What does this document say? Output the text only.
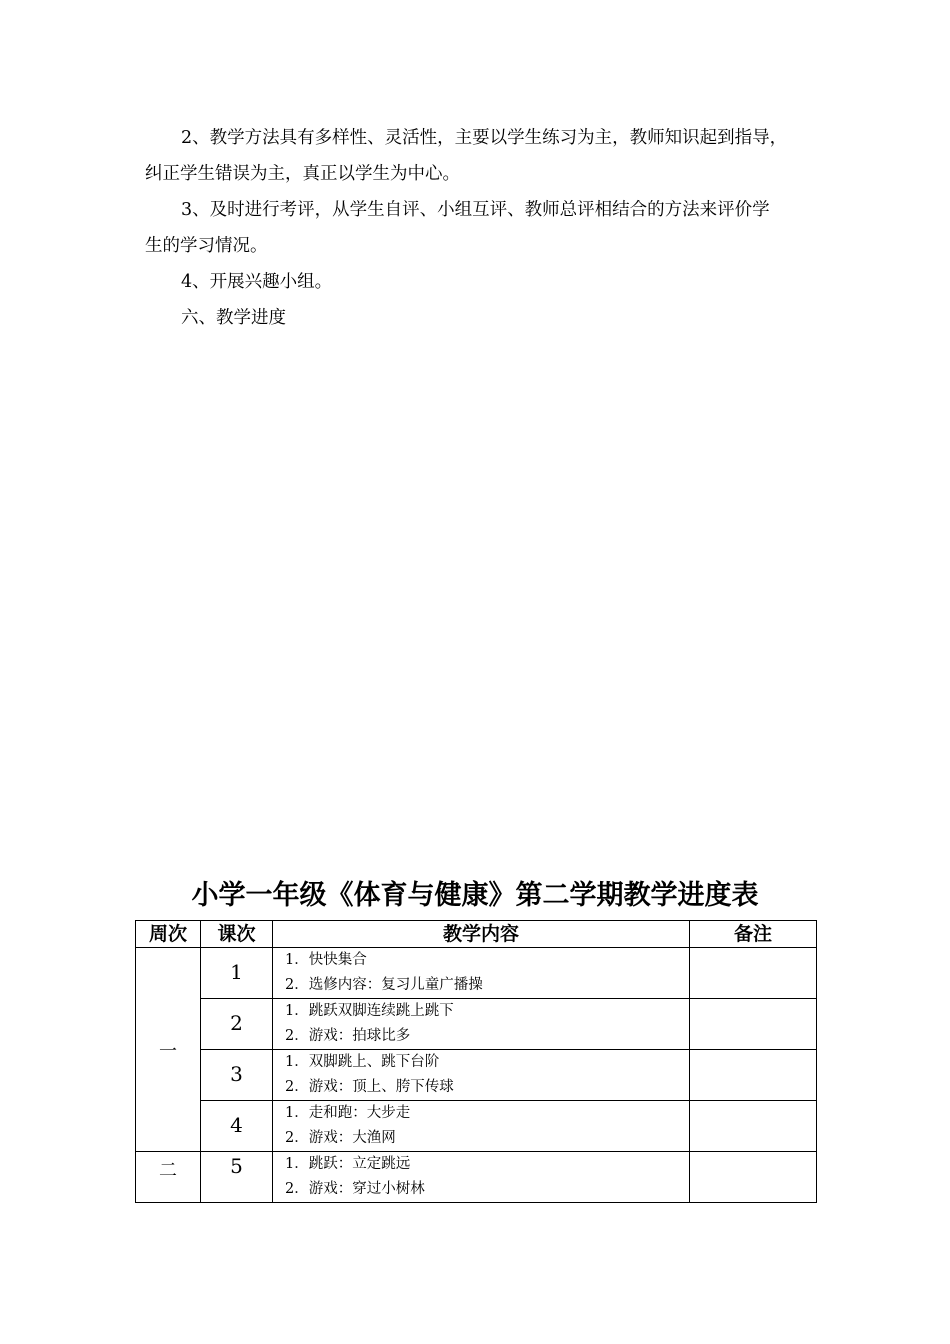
2、教学方法具有多样性、灵活性，主要以学生练习为主，教师知识起到指导，
纠正学生错误为主，真正以学生为中心。
3、及时进行考评，从学生自评、小组互评、教师总评相结合的方法来评价学
生的学习情况。
4、开展兴趣小组。
六、教学进度
小学一年级《体育与健康》第二学期教学进度表
周次	课次	教学内容	备注
一	1	1．快快集合
2．选修内容：复习儿童广播操	

	2	1．跳跃双脚连续跳上跳下
2．游戏：拍球比多	

	3	1．双脚跳上、跳下台阶
2．游戏：顶上、胯下传球	

	4	1．走和跑：大步走
2．游戏：大渔网	

二	5	1．跳跃：立定跳远
2．游戏：穿过小树林	
